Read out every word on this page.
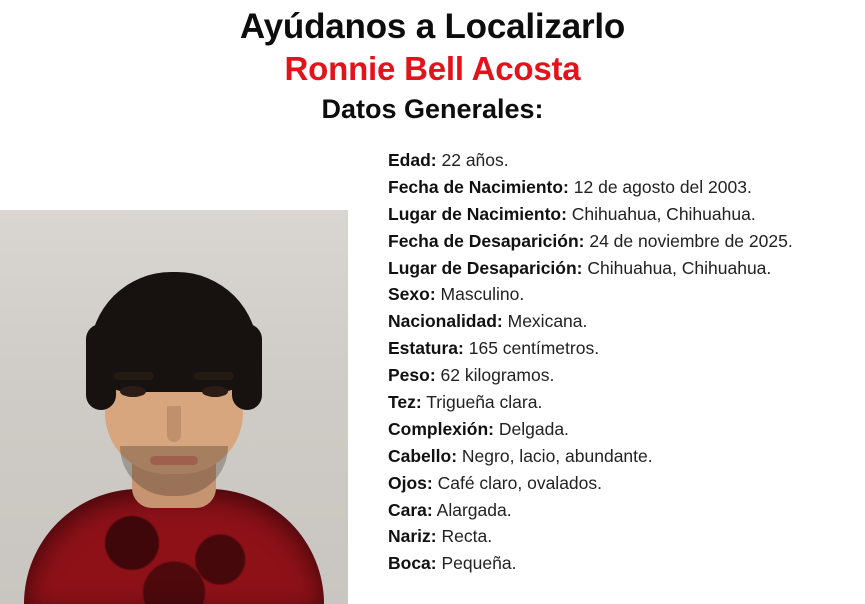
Ayúdanos a Localizarlo
Ronnie Bell Acosta
Datos Generales:

Edad: 22 años.

Fecha de Nacimiento: 12 de agosto del 2003.

Lugar de Nacimiento: Chihuahua, Chihuahua.

Fecha de Desaparición: 24 de noviembre de 2025.

Lugar de Desaparición: Chihuahua, Chihuahua.

Sexo: Masculino.

Nacionalidad: Mexicana.

Estatura: 165 centímetros.

Peso: 62 kilogramos.

Tez: Trigueña clara.

Complexión: Delgada.

Cabello: Negro, lacio, abundante.

Ojos: Café claro, ovalados.

Cara: Alargada.

Nariz: Recta.

Boca: Pequeña.
